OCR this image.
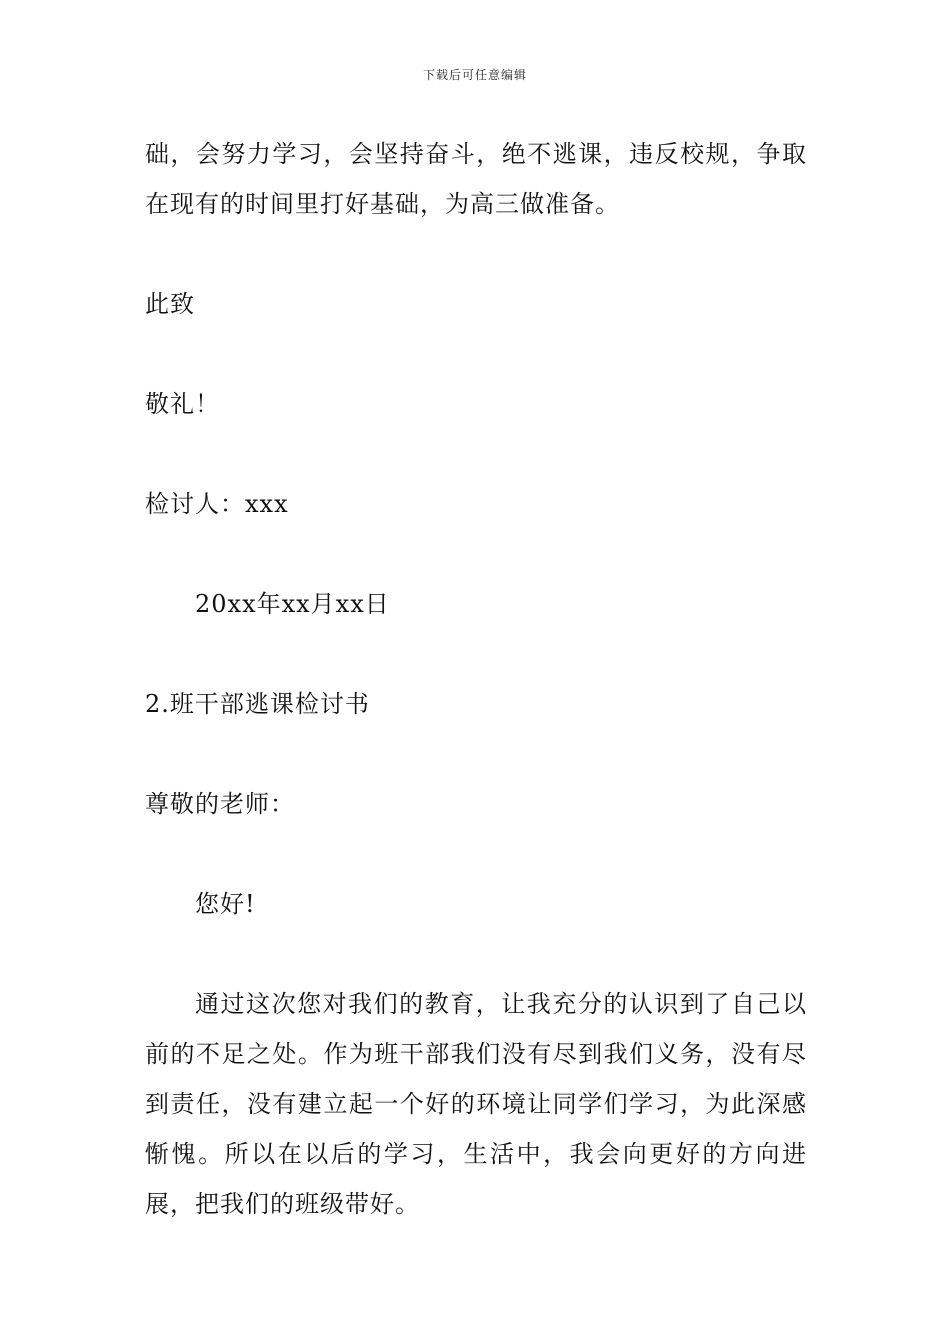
下载后可任意编辑

础，会努力学习，会坚持奋斗，绝不逃课，违反校规，争取在现有的时间里打好基础，为高三做准备。

此致

敬礼！

检讨人：xxx

20xx年xx月xx日

2.班干部逃课检讨书

尊敬的老师：

您好!

通过这次您对我们的教育，让我充分的认识到了自己以前的不足之处。作为班干部我们没有尽到我们义务，没有尽到责任，没有建立起一个好的环境让同学们学习，为此深感惭愧。所以在以后的学习，生活中，我会向更好的方向进展，把我们的班级带好。
